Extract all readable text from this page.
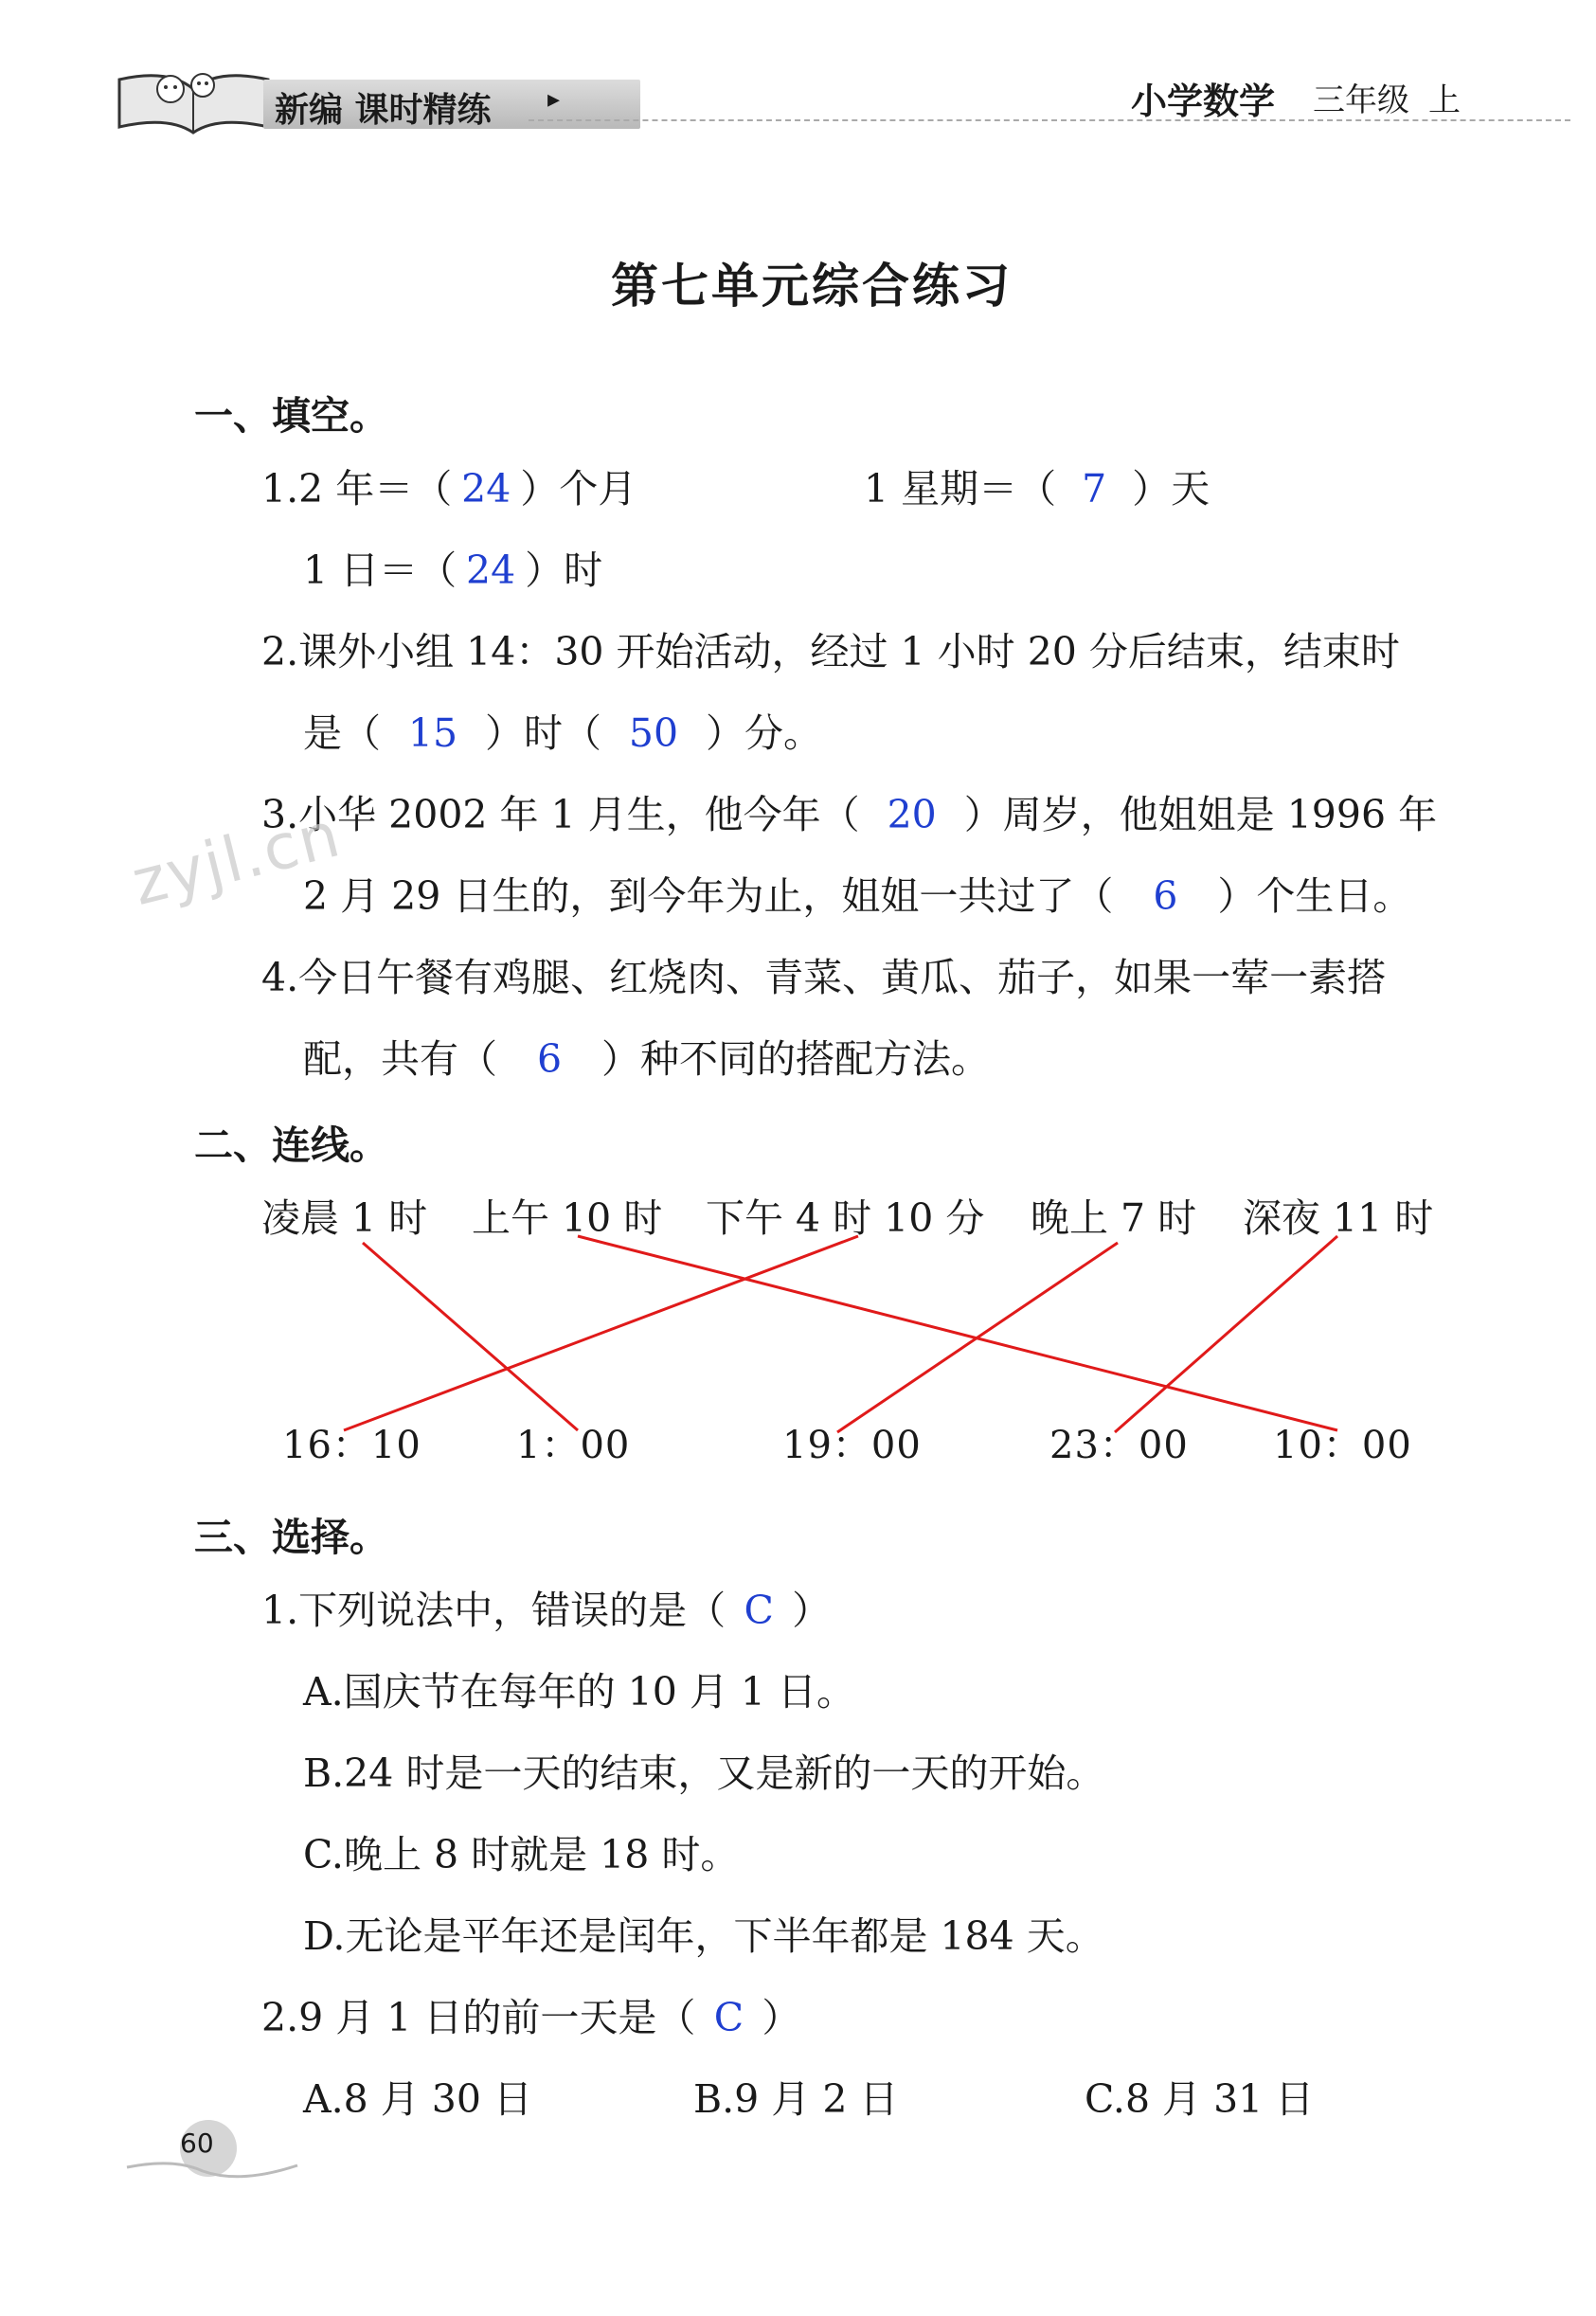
新编 课时精练 ▸	小学数学 三年级 上
第七单元综合练习
一、填空。
1.2 年＝（ 24 ）个月	1 星期＝（ 7 ）天
1 日＝（ 24 ）时
2.课外小组 14：30 开始活动，经过 1 小时 20 分后结束，结束时
是（ 15 ）时（ 50 ）分。
3.小华 2002 年 1 月生，他今年（ 20 ）周岁，他姐姐是 1996 年
2 月 29 日生的，到今年为止，姐姐一共过了（ 6 ）个生日。
4.今日午餐有鸡腿、红烧肉、青菜、黄瓜、茄子，如果一荤一素搭
配，共有（ 6 ）种不同的搭配方法。
zyjl.cn
二、连线。
凌晨 1 时 上午 10 时 下午 4 时 10 分 晚上 7 时 深夜 11 时
16：10	1：00	19：00	23：00 10：00
三、选择。
1.下列说法中，错误的是（ C ）
A.国庆节在每年的 10 月 1 日。
B.24 时是一天的结束，又是新的一天的开始。
C.晚上 8 时就是 18 时。
D.无论是平年还是闰年，下半年都是 184 天。
2.9 月 1 日的前一天是（ C ）
A.8 月 30 日	B.9 月 2 日	C.8 月 31 日
60
